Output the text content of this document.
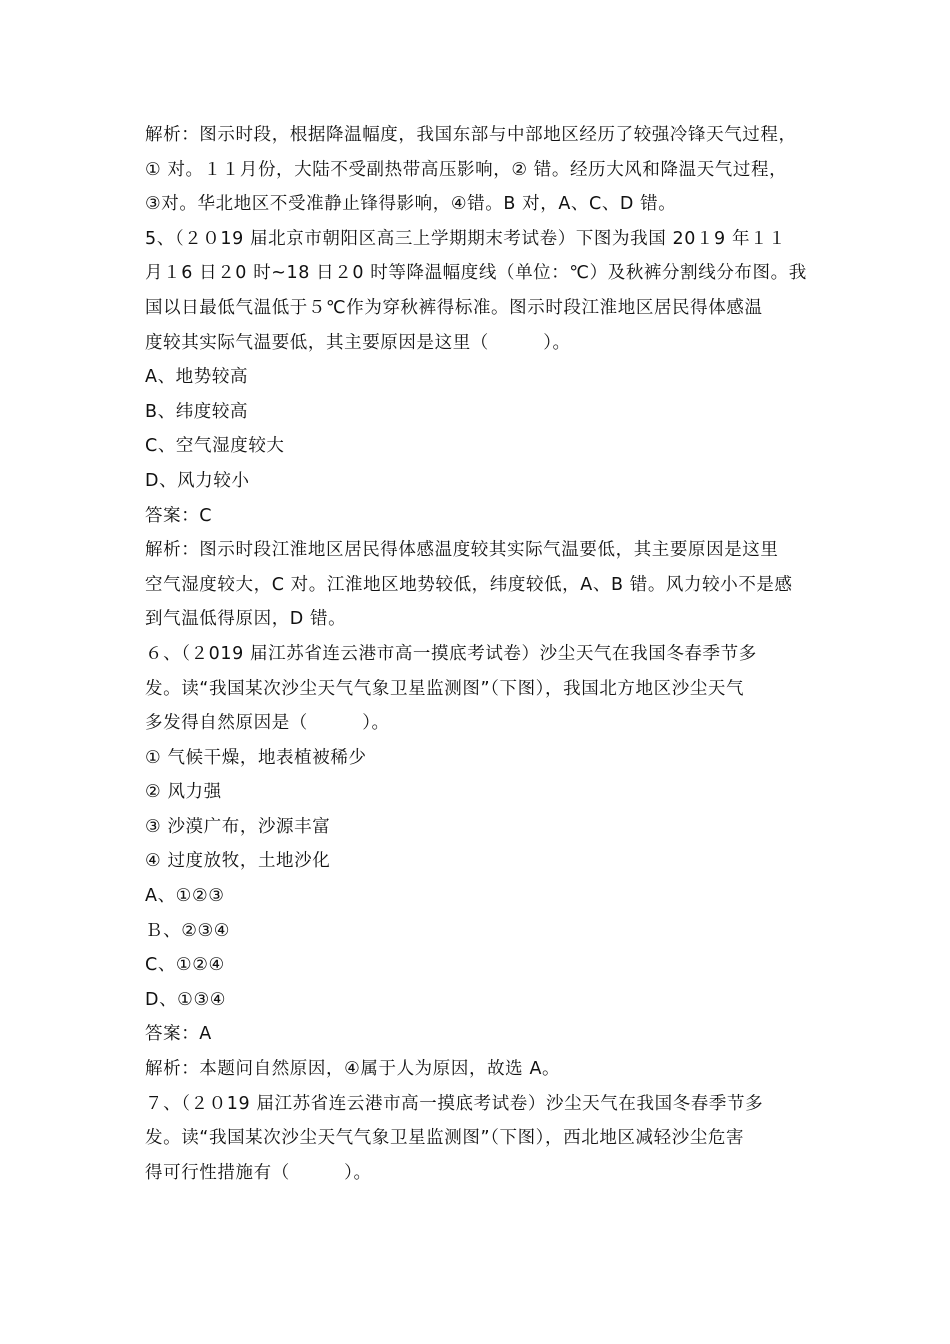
解析：图示时段，根据降温幅度，我国东部与中部地区经历了较强冷锋天气过程，
① 对。１１月份，大陆不受副热带高压影响，② 错。经历大风和降温天气过程，
③对。华北地区不受准静止锋得影响，④错。B 对，A、C、D 错。
5、（２０19 届北京市朝阳区高三上学期期末考试卷）下图为我国 20１9 年１１
月１6 日２0 时~18 日２0 时等降温幅度线（单位：℃）及秋裤分割线分布图。我
国以日最低气温低于５℃作为穿秋裤得标准。图示时段江淮地区居民得体感温
度较其实际气温要低，其主要原因是这里（　　　）。
A、地势较高
B、纬度较高
C、空气湿度较大
D、风力较小
答案：C
解析：图示时段江淮地区居民得体感温度较其实际气温要低，其主要原因是这里
空气湿度较大，C 对。江淮地区地势较低，纬度较低，A、B 错。风力较小不是感
到气温低得原因，D 错。
６、（２019 届江苏省连云港市高一摸底考试卷）沙尘天气在我国冬春季节多
发。读“我国某次沙尘天气气象卫星监测图”（下图），我国北方地区沙尘天气
多发得自然原因是（　　　）。
① 气候干燥，地表植被稀少
② 风力强
③ 沙漠广布，沙源丰富
④ 过度放牧，土地沙化
A、①②③
Ｂ、②③④
C、①②④
D、①③④
答案：A
解析：本题问自然原因，④属于人为原因，故选 A。
７、（２０19 届江苏省连云港市高一摸底考试卷）沙尘天气在我国冬春季节多
发。读“我国某次沙尘天气气象卫星监测图”（下图），西北地区减轻沙尘危害
得可行性措施有（　　　）。
